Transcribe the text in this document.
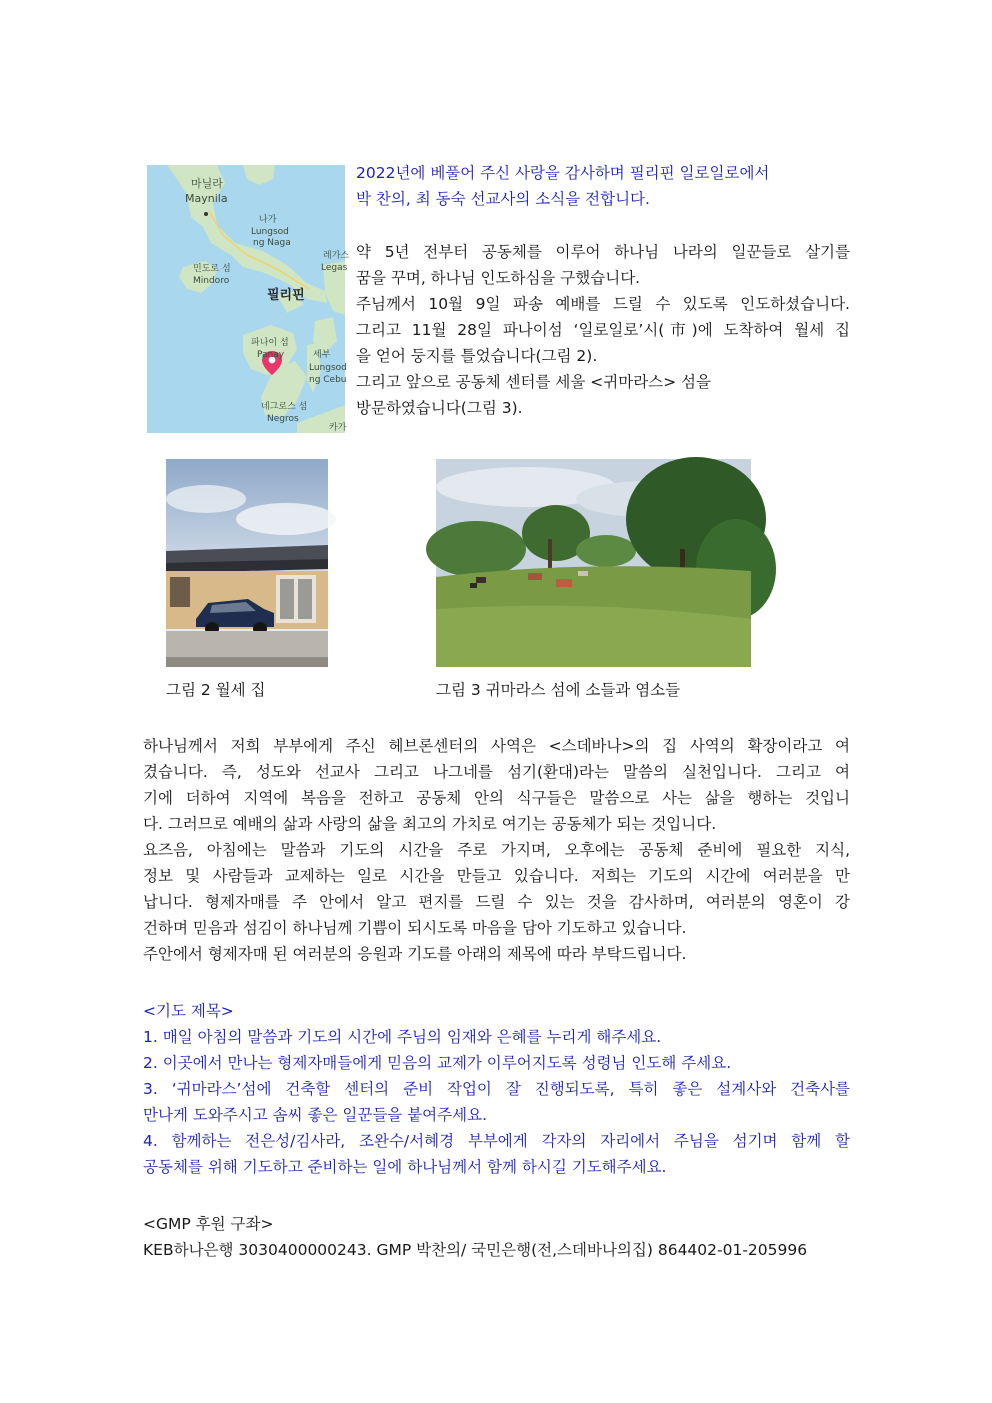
2022년에 베풀어 주신 사랑을 감사하며 필리핀 일로일로에서
박 찬의, 최 동숙 선교사의 소식을 전합니다.
약 5년 전부터 공동체를 이루어 하나님 나라의 일꾼들로 살기를
꿈을 꾸며, 하나님 인도하심을 구했습니다.
주님께서 10월 9일 파송 예배를 드릴 수 있도록 인도하셨습니다.
그리고 11월 28일 파나이섬 ‘일로일로’시(市)에 도착하여 월세 집
을 얻어 둥지를 틀었습니다(그림 2).
그리고 앞으로 공동체 센터를 세울 <귀마라스> 섬을
방문하였습니다(그림 3).
마닐라
Maynila
나가
Lungsod
ng Naga
민도로 섬
Mindoro
레가스
Legas
필리핀
파나이 섬
Panay	세부
Lungsod
ng Cebu
네그로스 섬
Negros
카가
그림 2 월세 집	그림 3 귀마라스 섬에 소들과 염소들
하나님께서 저희 부부에게 주신 헤브론센터의 사역은 <스데바나>의 집 사역의 확장이라고 여
겼습니다. 즉, 성도와 선교사 그리고 나그네를 섬기(환대)라는 말씀의 실천입니다. 그리고 여
기에 더하여 지역에 복음을 전하고 공동체 안의 식구들은 말씀으로 사는 삶을 행하는 것입니
다. 그러므로 예배의 삶과 사랑의 삶을 최고의 가치로 여기는 공동체가 되는 것입니다.
요즈음, 아침에는 말씀과 기도의 시간을 주로 가지며, 오후에는 공동체 준비에 필요한 지식,
정보 및 사람들과 교제하는 일로 시간을 만들고 있습니다. 저희는 기도의 시간에 여러분을 만
납니다. 형제자매를 주 안에서 알고 편지를 드릴 수 있는 것을 감사하며, 여러분의 영혼이 강
건하며 믿음과 섬김이 하나님께 기쁨이 되시도록 마음을 담아 기도하고 있습니다.
주안에서 형제자매 된 여러분의 응원과 기도를 아래의 제목에 따라 부탁드립니다.
<기도 제목>
1. 매일 아침의 말씀과 기도의 시간에 주님의 임재와 은혜를 누리게 해주세요.
2. 이곳에서 만나는 형제자매들에게 믿음의 교제가 이루어지도록 성령님 인도해 주세요.
3. ‘귀마라스’섬에 건축할 센터의 준비 작업이 잘 진행되도록, 특히 좋은 설계사와 건축사를
만나게 도와주시고 솜씨 좋은 일꾼들을 붙여주세요.
4. 함께하는 전은성/김사라, 조완수/서혜경 부부에게 각자의 자리에서 주님을 섬기며 함께 할
공동체를 위해 기도하고 준비하는 일에 하나님께서 함께 하시길 기도해주세요.
<GMP 후원 구좌>
KEB하나은행 3030400000243. GMP 박찬의/ 국민은행(전,스데바나의집) 864402-01-205996
